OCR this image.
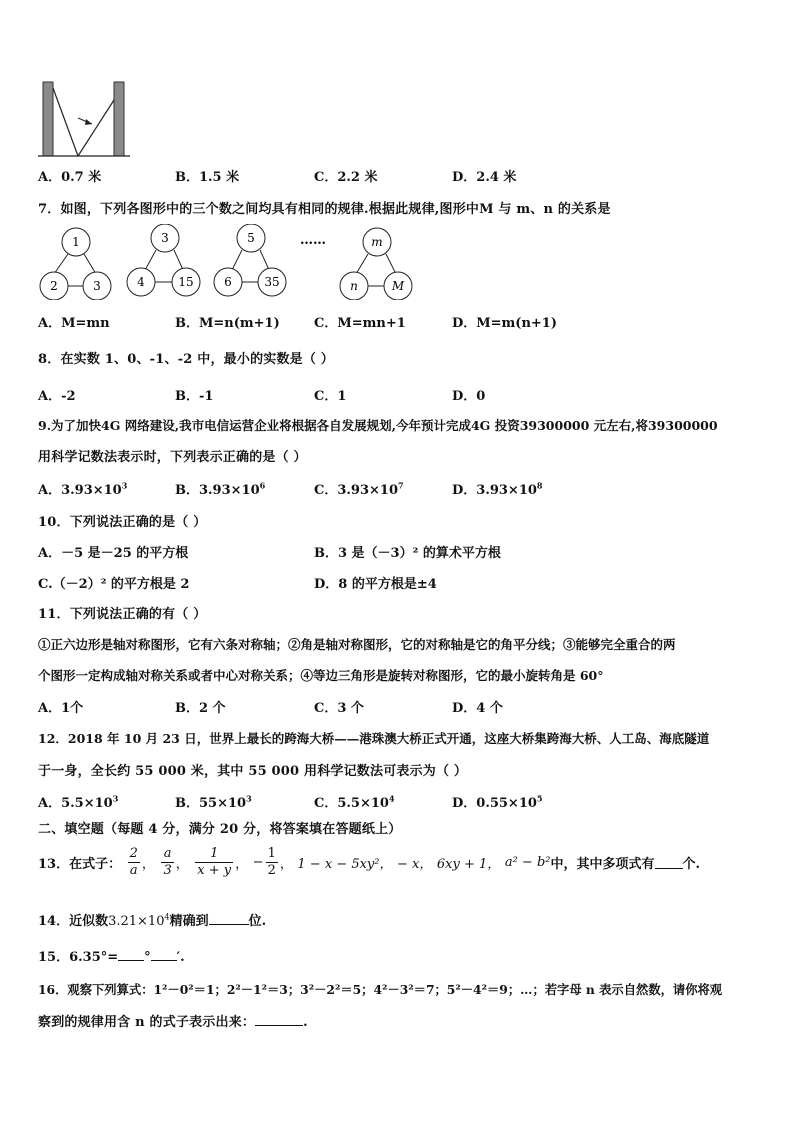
A．0.7 米	B．1.5 米	C．2.2 米	D．2.4 米
7．如图，下列各图形中的三个数之间均具有相同的规律.根据此规律,图形中M 与 m、n 的关系是
1
2	3
3
4	15
5
6	35
……	m
n	M
A．M=mn	B．M=n(m+1)	C．M=mn+1	D．M=m(n+1)
8．在实数 1、0、-1、-2 中，最小的实数是（ ）
A．-2	B．-1	C．1	D．0
9.为了加快4G 网络建设,我市电信运营企业将根据各自发展规划,今年预计完成4G 投资39300000 元左右,将39300000
用科学记数法表示时，下列表示正确的是（ ）
A．$3.93\times 10^3$	B．$3.93\times 10^6$	C．$3.93\times 10^7$	D．$3.93\times 10^8$
10．下列说法正确的是（ ）
A．－5 是－25 的平方根	B．3 是（－3）² 的算术平方根
C.（－2）² 的平方根是 2	D．8 的平方根是±4
11．下列说法正确的有（ ）
①正六边形是轴对称图形，它有六条对称轴；②角是轴对称图形，它的对称轴是它的角平分线；③能够完全重合的两
个图形一定构成轴对称关系或者中心对称关系；④等边三角形是旋转对称图形，它的最小旋转角是 60°
A．1个	B．2 个	C．3 个	D．4 个
12．2018 年 10 月 23 日，世界上最长的跨海大桥——港珠澳大桥正式开通，这座大桥集跨海大桥、人工岛、海底隧道
于一身，全长约 55 000 米，其中 55 000 用科学记数法可表示为（ ）
A．$5.5\times 10^3$	B．$55\times 10^3$	C．$5.5\times 10^4$	D．$0.55\times 10^5$
二、填空题（每题 4 分，满分 20 分，将答案填在答题纸上）
13．在式子： $\frac{2}{a}$ ， $\frac{a}{3}$ ， $\frac{1}{x + y}$ ， − $\frac{1}{2}$ ， 1 − x − 5xy²， − x， 6xy + 1， a² − b²中，其中多项式有 个.
14．近似数$3.21\times 10^4$精确到	位.
15．6.35°= ° ′.
16．观察下列算式：1²－0²＝1；2²－1²＝3；3²－2²＝5；4²－3²＝7；5²－4²＝9；…；若字母 n 表示自然数，请你将观
察到的规律用含 n 的式子表示出来：	.
